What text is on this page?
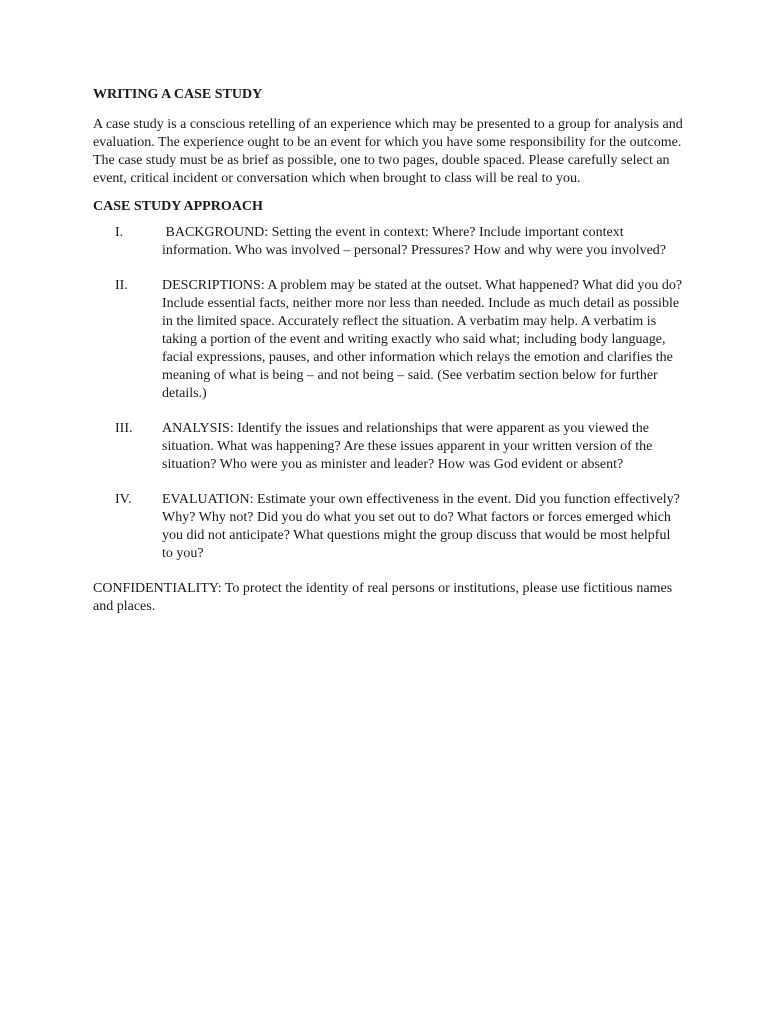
WRITING A CASE STUDY

A case study is a conscious retelling of an experience which may be presented to a group for analysis and evaluation. The experience ought to be an event for which you have some responsibility for the outcome. The case study must be as brief as possible, one to two pages, double spaced. Please carefully select an event, critical incident or conversation which when brought to class will be real to you.

CASE STUDY APPROACH
I.	BACKGROUND: Setting the event in context: Where? Include important context information. Who was involved – personal? Pressures? How and why were you involved?
II.	DESCRIPTIONS: A problem may be stated at the outset. What happened? What did you do? Include essential facts, neither more nor less than needed. Include as much detail as possible in the limited space. Accurately reflect the situation. A verbatim may help. A verbatim is taking a portion of the event and writing exactly who said what; including body language, facial expressions, pauses, and other information which relays the emotion and clarifies the meaning of what is being – and not being – said. (See verbatim section below for further details.)
III.	ANALYSIS: Identify the issues and relationships that were apparent as you viewed the situation. What was happening? Are these issues apparent in your written version of the situation? Who were you as minister and leader? How was God evident or absent?
IV.	EVALUATION: Estimate your own effectiveness in the event. Did you function effectively? Why? Why not? Did you do what you set out to do? What factors or forces emerged which you did not anticipate? What questions might the group discuss that would be most helpful to you?

CONFIDENTIALITY: To protect the identity of real persons or institutions, please use fictitious names and places.
